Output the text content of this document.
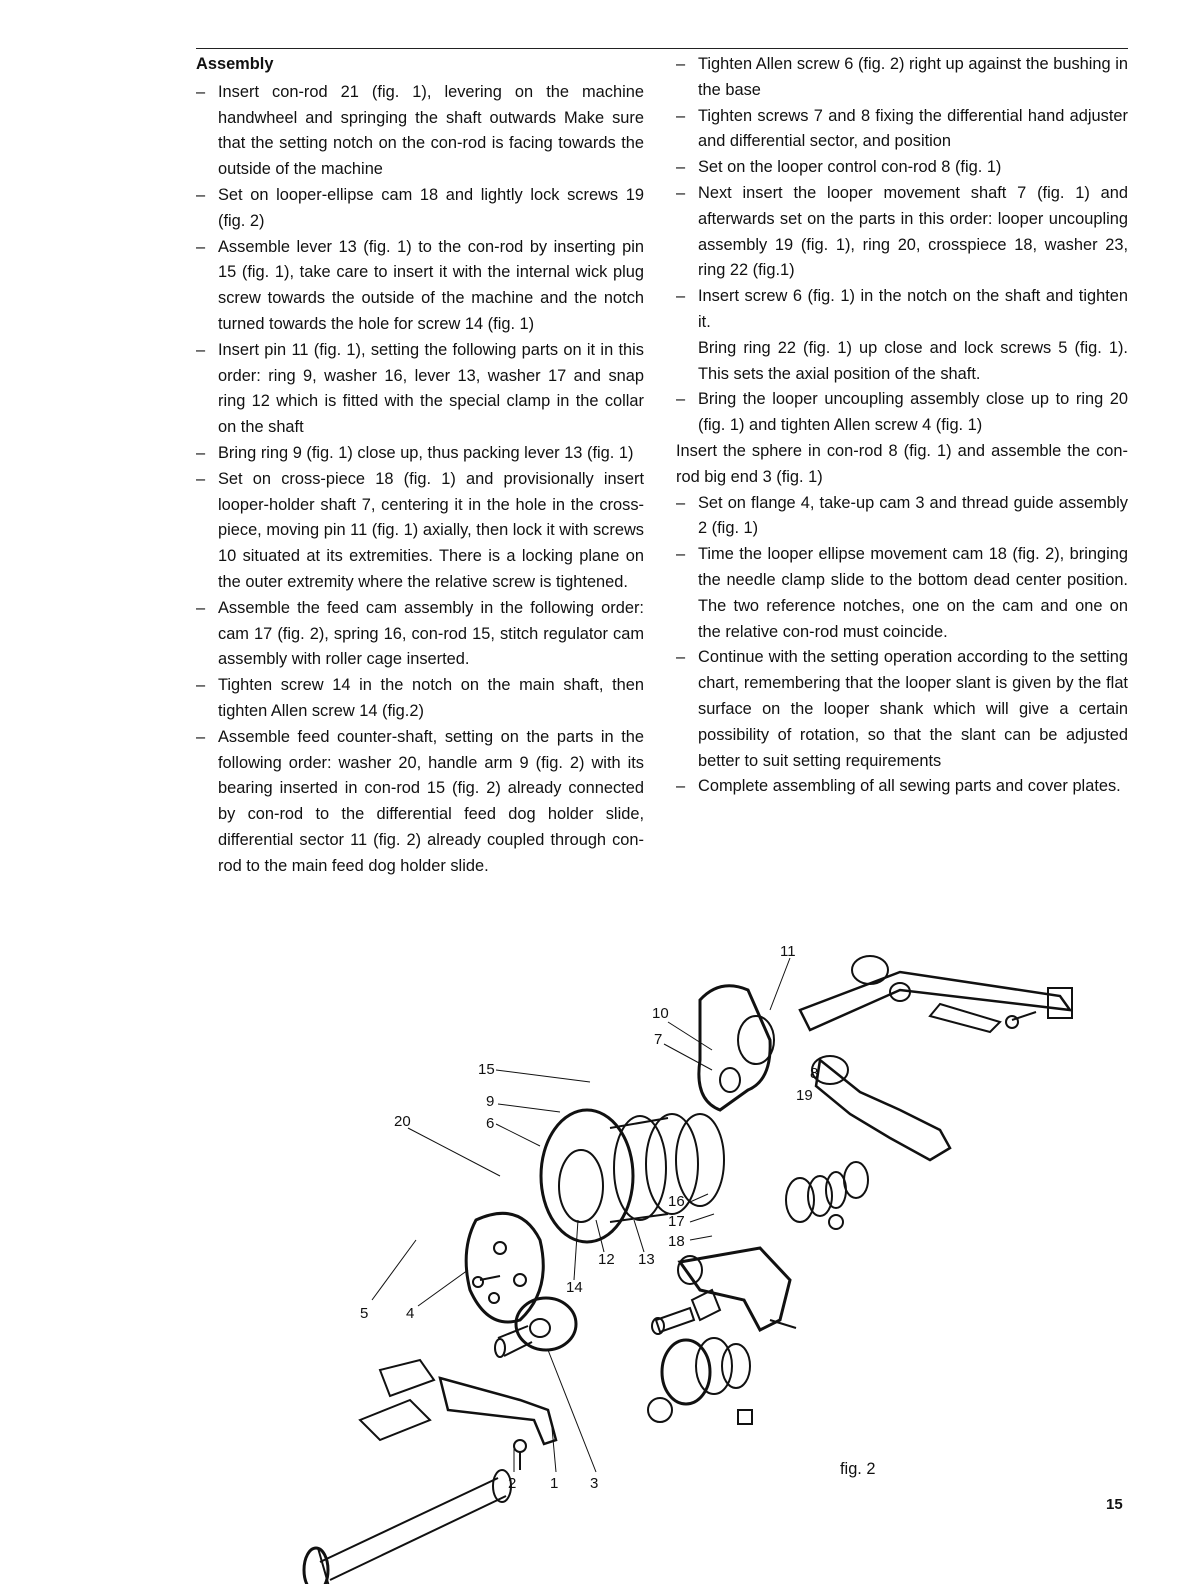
Assembly

– Insert con-rod 21 (fig. 1), levering on the machine handwheel and springing the shaft outwards Make sure that the setting notch on the con-rod is facing towards the outside of the machine

– Set on looper-ellipse cam 18 and lightly lock screws 19 (fig. 2)

– Assemble lever 13 (fig. 1) to the con-rod by inserting pin 15 (fig. 1), take care to insert it with the internal wick plug screw towards the outside of the machine and the notch turned towards the hole for screw 14 (fig. 1)

– Insert pin 11 (fig. 1), setting the following parts on it in this order: ring 9, washer 16, lever 13, washer 17 and snap ring 12 which is fitted with the special clamp in the collar on the shaft

– Bring ring 9 (fig. 1) close up, thus packing lever 13 (fig. 1)

– Set on cross-piece 18 (fig. 1) and provisionally insert looper-holder shaft 7, centering it in the hole in the cross-piece, moving pin 11 (fig. 1) axially, then lock it with screws 10 situated at its extremities. There is a locking plane on the outer extremity where the relative screw is tightened.

– Assemble the feed cam assembly in the following order: cam 17 (fig. 2), spring 16, con-rod 15, stitch regulator cam assembly with roller cage inserted.

– Tighten screw 14 in the notch on the main shaft, then tighten Allen screw 14 (fig.2)

– Assemble feed counter-shaft, setting on the parts in the following order: washer 20, handle arm 9 (fig. 2) with its bearing inserted in con-rod 15 (fig. 2) already connected by con-rod to the differential feed dog holder slide, differential sector 11 (fig. 2) already coupled through con-rod to the main feed dog holder slide.

– Tighten Allen screw 6 (fig. 2) right up against the bushing in the base

– Tighten screws 7 and 8 fixing the differential hand adjuster and differential sector, and position

– Set on the looper control con-rod 8 (fig. 1)

– Next insert the looper movement shaft 7 (fig. 1) and afterwards set on the parts in this order: looper uncoupling assembly 19 (fig. 1), ring 20, crosspiece 18, washer 23, ring 22 (fig.1)

– Insert screw 6 (fig. 1) in the notch on the shaft and tighten it.

Bring ring 22 (fig. 1) up close and lock screws 5 (fig. 1). This sets the axial position of the shaft.

– Bring the looper uncoupling assembly close up to ring 20 (fig. 1) and tighten Allen screw 4 (fig. 1)

Insert the sphere in con-rod 8 (fig. 1) and assemble the con-rod big end 3 (fig. 1)

– Set on flange 4, take-up cam 3 and thread guide assembly 2 (fig. 1)

– Time the looper ellipse movement cam 18 (fig. 2), bringing the needle clamp slide to the bottom dead center position. The two reference notches, one on the cam and one on the relative con-rod must coincide.

– Continue with the setting operation according to the setting chart, remembering that the looper slant is given by the flat surface on the looper shank which will give a certain possibility of rotation, so that the slant can be adjusted better to suit setting requirements

– Complete assembling of all sewing parts and cover plates.

11
10
7
8
19
15
9
6
20
16
17
18
12 13
14
5	4
2 1 3
fig. 2
15
